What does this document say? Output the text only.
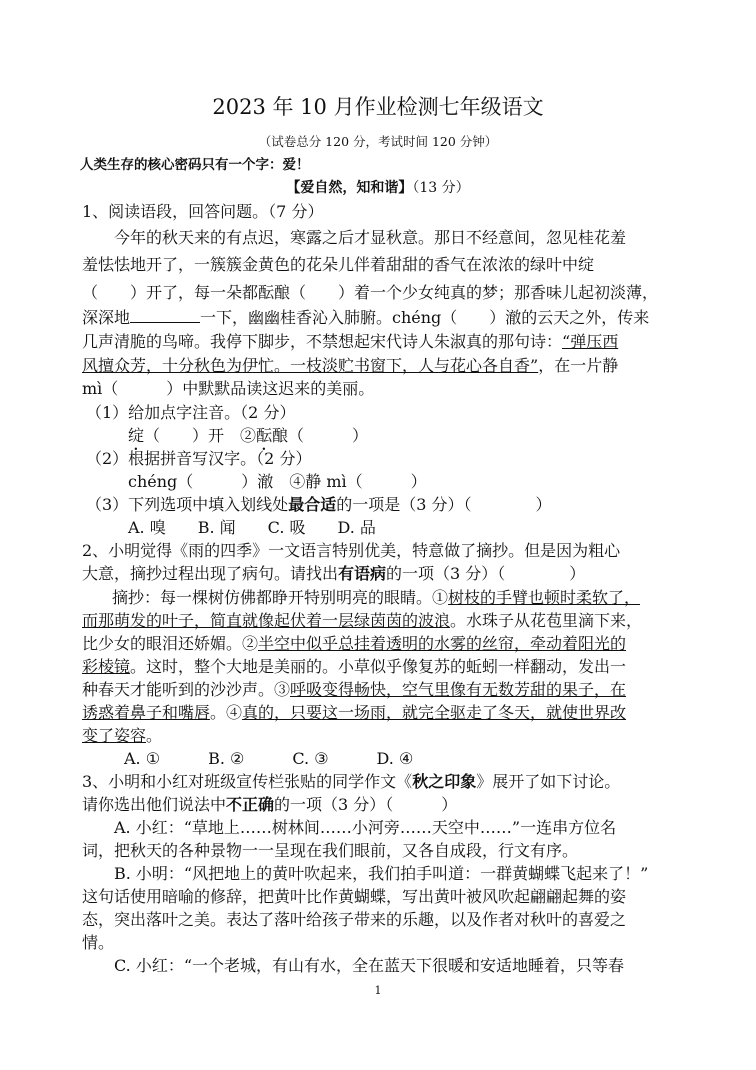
2023 年 10 月作业检测七年级语文
（试卷总分 120 分，考试时间 120 分钟）
人类生存的核心密码只有一个字：爱！
【爱自然，知和谐】（13 分）
1、阅读语段，回答问题。（7 分）
今年的秋天来的有点迟，寒露之后才显秋意。那日不经意间，忽见桂花羞
羞怯怯地开了，一簇簇金黄色的花朵儿伴着甜甜的香气在浓浓的绿叶中绽
（　　）开了，每一朵都酝酿（　　）着一个少女纯真的梦；那香味儿起初淡薄，
深深地	一下，幽幽桂香沁入肺腑。chéng（　　）澈的云天之外，传来
几声清脆的鸟啼。我停下脚步，不禁想起宋代诗人朱淑真的那句诗：“弹压西
风擅众芳，十分秋色为伊忙。一枝淡贮书窗下，人与花心各自香”，在一片静
mì（　　　）中默默品读这迟来的美丽。
（1）给加点字注音。（2 分）
绽（　　）开　②酝酿（　　　）
（2）根据拼音写汉字。（2 分）
chéng（　　　）澈　④静 mì（　　　）
（3）下列选项中填入划线处最合适的一项是（3 分）（　　　　）
A. 嗅　　B. 闻　　C. 吸　　D. 品
2、小明觉得《雨的四季》一文语言特别优美，特意做了摘抄。但是因为粗心
大意，摘抄过程出现了病句。请找出有语病的一项（3 分）（　　　　）
摘抄：每一棵树仿佛都睁开特别明亮的眼睛。①树枝的手臂也顿时柔软了，
而那萌发的叶子，简直就像起伏着一层绿茵茵的波浪。水珠子从花苞里滴下来，
比少女的眼泪还娇媚。②半空中似乎总挂着透明的水雾的丝帘，牵动着阳光的
彩棱镜。这时，整个大地是美丽的。小草似乎像复苏的蚯蚓一样翻动，发出一
种春天才能听到的沙沙声。③呼吸变得畅快，空气里像有无数芳甜的果子，在
诱惑着鼻子和嘴唇。④真的，只要这一场雨，就完全驱走了冬天，就使世界改
变了姿容。
A. ①　　　B. ②　　　C. ③　　　D. ④
3、小明和小红对班级宣传栏张贴的同学作文《秋之印象》展开了如下讨论。
请你选出他们说法中不正确的一项（3 分）（　　　）
A. 小红：“草地上……树林间……小河旁……天空中……”一连串方位名
词，把秋天的各种景物一一呈现在我们眼前，又各自成段，行文有序。
B. 小明：“风把地上的黄叶吹起来，我们拍手叫道：一群黄蝴蝶飞起来了！”
这句话使用暗喻的修辞，把黄叶比作黄蝴蝶，写出黄叶被风吹起翩翩起舞的姿
态，突出落叶之美。表达了落叶给孩子带来的乐趣，以及作者对秋叶的喜爱之
情。
C. 小红：“一个老城，有山有水，全在蓝天下很暖和安适地睡着，只等春
1
